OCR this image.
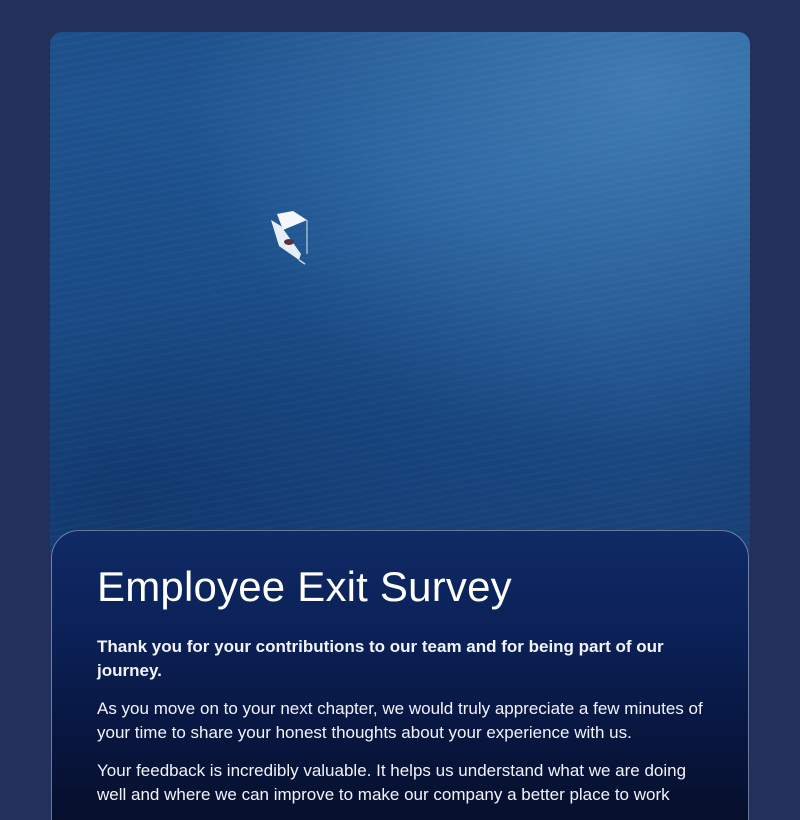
Employee Exit Survey

Thank you for your contributions to our team and for being part of our journey.

As you move on to your next chapter, we would truly appreciate a few minutes of your time to share your honest thoughts about your experience with us.

Your feedback is incredibly valuable. It helps us understand what we are doing well and where we can improve to make our company a better place to work
